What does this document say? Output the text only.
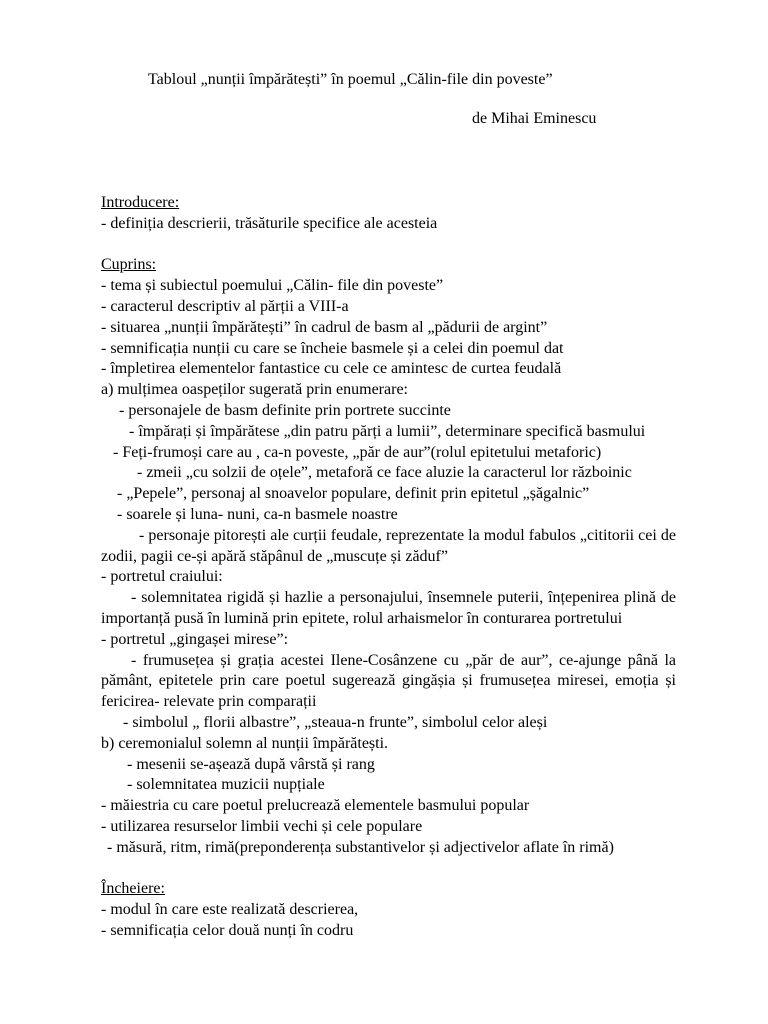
Tabloul „nunții împărătești” în poemul „Călin-file din poveste”
de Mihai Eminescu
Introducere:
- definiția descrierii, trăsăturile specifice ale acesteia
Cuprins:
- tema și subiectul poemului „Călin- file din poveste”
- caracterul descriptiv al părții a VIII-a
- situarea „nunții împărătești” în cadrul de basm al „pădurii de argint”
- semnificația nunții cu care se încheie basmele și a celei din poemul dat
- împletirea elementelor fantastice cu cele ce amintesc de curtea feudală
a) mulțimea oaspeților sugerată prin enumerare:
- personajele de basm definite prin portrete succinte
- împărați și împărătese „din patru părți a lumii”, determinare specifică basmului
- Feți-frumoși care au , ca-n poveste, „păr de aur”(rolul epitetului metaforic)
- zmeii „cu solzii de oțele”, metaforă ce face aluzie la caracterul lor războinic
- „Pepele”, personaj al snoavelor populare, definit prin epitetul „șăgalnic”
- soarele și luna- nuni, ca-n basmele noastre
- personaje pitorești ale curții feudale, reprezentate la modul fabulos „cititorii cei de zodii, pagii ce-și apără stăpânul de „muscuțe și zăduf”
- portretul craiului:
- solemnitatea rigidă și hazlie a personajului, însemnele puterii, înțepenirea plină de importanță pusă în lumină prin epitete, rolul arhaismelor în conturarea portretului
- portretul „gingașei mirese”:
- frumusețea și grația acestei Ilene-Cosânzene cu „păr de aur”, ce-ajunge până la pământ, epitetele prin care poetul sugerează gingășia și frumusețea miresei, emoția și fericirea- relevate prin comparații
- simbolul „ florii albastre”, „steaua-n frunte”, simbolul celor aleși
b) ceremonialul solemn al nunții împărătești.
- mesenii se-așează după vârstă și rang
- solemnitatea muzicii nupțiale
- măiestria cu care poetul prelucrează elementele basmului popular
- utilizarea resurselor limbii vechi și cele populare
- măsură, ritm, rimă(preponderența substantivelor și adjectivelor aflate în rimă)
Încheiere:
- modul în care este realizată descrierea,
- semnificația celor două nunți în codru
